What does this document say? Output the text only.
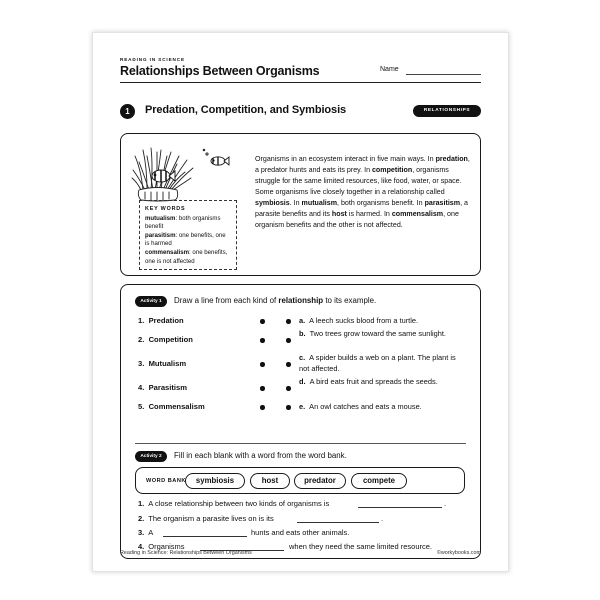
READING IN SCIENCE
Relationships Between Organisms	Name
1	Predation, Competition, and Symbiosis	RELATIONSHIPS
KEY WORDS
mutualism: both organisms benefit
parasitism: one benefits, one is harmed
commensalism: one benefits, one is not affected

Organisms in an ecosystem interact in five main ways. In predation, a predator hunts and eats its prey. In competition, organisms struggle for the same limited resources, like food, water, or space. Some organisms live closely together in a relationship called symbiosis. In mutualism, both organisms benefit. In parasitism, a parasite benefits and its host is harmed. In commensalism, one organism benefits and the other is not affected.

Activity 1	Draw a line from each kind of relationship to its example.
1. Predation
2. Competition
3. Mutualism
4. Parasitism
5. Commensalism
a. A leech sucks blood from a turtle.
b. Two trees grow toward the same sunlight.
c. A spider builds a web on a plant. The plant is not affected.
d. A bird eats fruit and spreads the seeds.
e. An owl catches and eats a mouse.
Activity 2	Fill in each blank with a word from the word bank.
WORD BANK	symbiosis	host	predator	compete
1. A close relationship between two kinds of organisms is	.
2. The organism a parasite lives on is its	.
3. A	hunts and eats other animals.
4. Organisms	when they need the same limited resource.
Reading in Science: Relationships Between Organisms	©workybooks.com
